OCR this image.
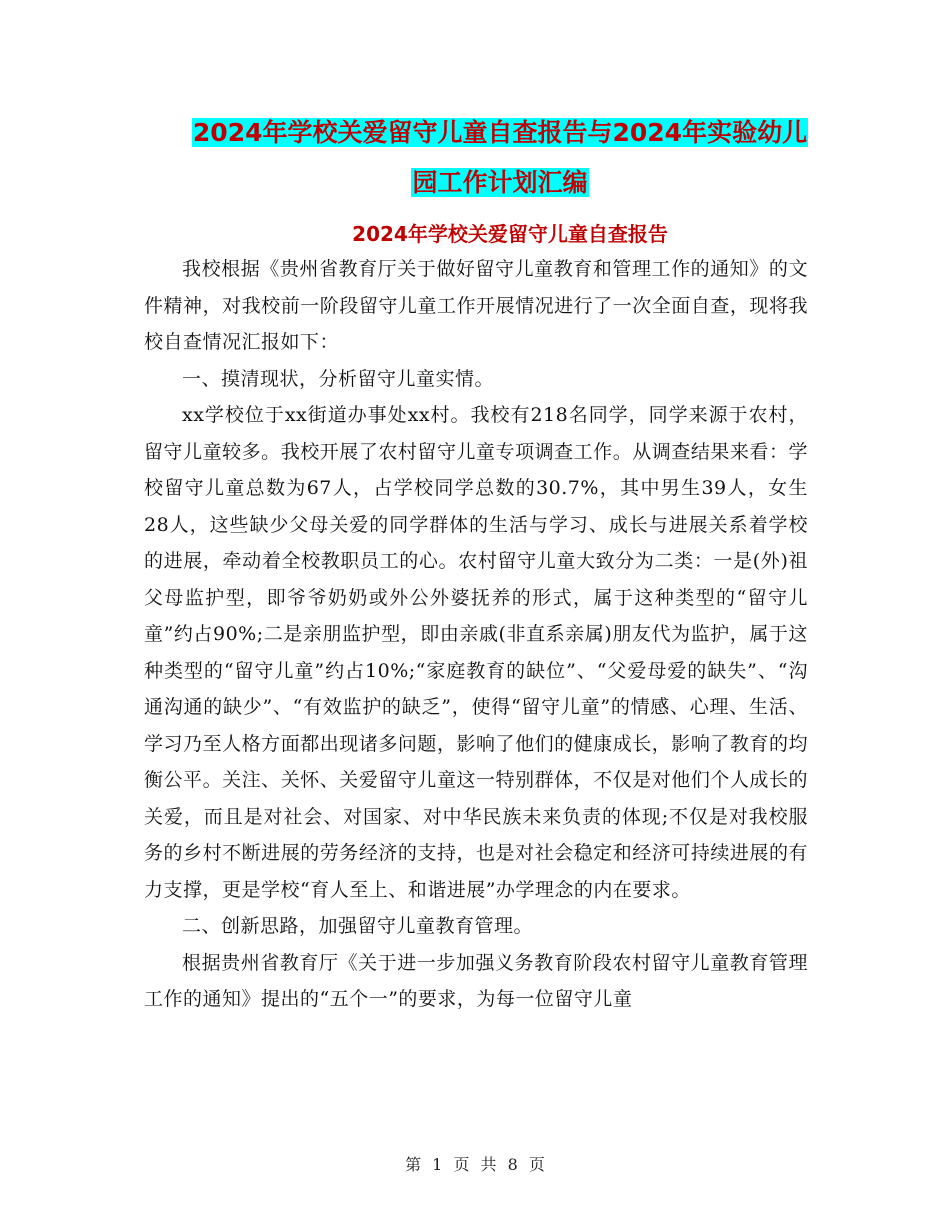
2024年学校关爱留守儿童自查报告与2024年实验幼儿
园工作计划汇编
2024年学校关爱留守儿童自查报告

我校根据《贵州省教育厅关于做好留守儿童教育和管理工作的通知》的文件精神，对我校前一阶段留守儿童工作开展情况进行了一次全面自查，现将我校自查情况汇报如下：

一、摸清现状，分析留守儿童实情。

xx学校位于xx街道办事处xx村。我校有218名同学，同学来源于农村，留守儿童较多。我校开展了农村留守儿童专项调查工作。从调查结果来看：学校留守儿童总数为67人，占学校同学总数的30.7%，其中男生39人，女生28人，这些缺少父母关爱的同学群体的生活与学习、成长与进展关系着学校的进展，牵动着全校教职员工的心。农村留守儿童大致分为二类：一是(外)祖父母监护型，即爷爷奶奶或外公外婆抚养的形式，属于这种类型的“留守儿童”约占90%;二是亲朋监护型，即由亲戚(非直系亲属)朋友代为监护，属于这种类型的“留守儿童”约占10%;“家庭教育的缺位”、“父爱母爱的缺失”、“沟通沟通的缺少”、“有效监护的缺乏”，使得“留守儿童”的情感、心理、生活、学习乃至人格方面都出现诸多问题，影响了他们的健康成长，影响了教育的均衡公平。关注、关怀、关爱留守儿童这一特别群体，不仅是对他们个人成长的关爱，而且是对社会、对国家、对中华民族未来负责的体现;不仅是对我校服务的乡村不断进展的劳务经济的支持，也是对社会稳定和经济可持续进展的有力支撑，更是学校“育人至上、和谐进展”办学理念的内在要求。

二、创新思路，加强留守儿童教育管理。

根据贵州省教育厅《关于进一步加强义务教育阶段农村留守儿童教育管理工作的通知》提出的“五个一”的要求，为每一位留守儿童

第 1 页 共 8 页
